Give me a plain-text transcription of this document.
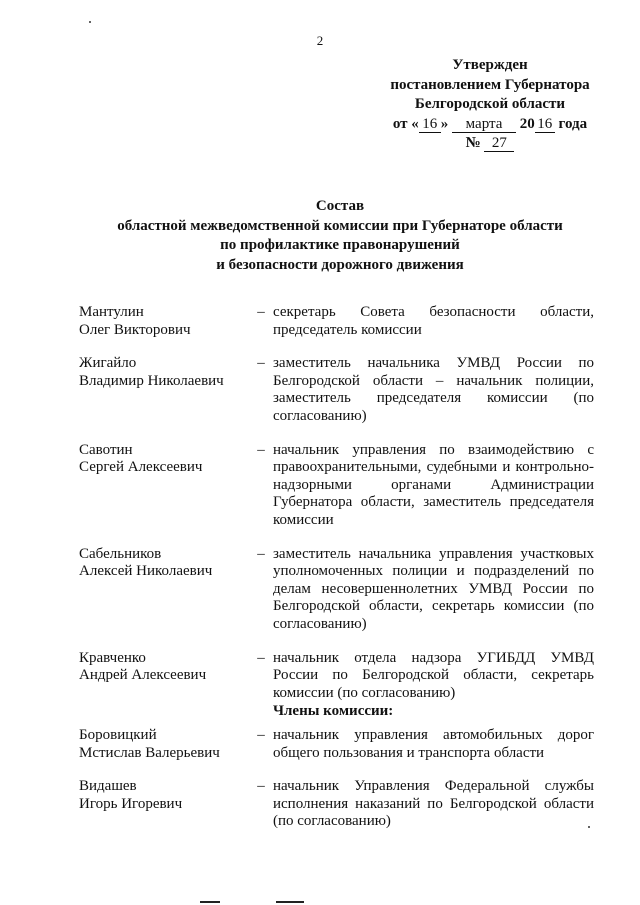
2
Утвержден
постановлением Губернатора
Белгородской области
от « 16 » марта 20 16 года
№ 27
Состав
областной межведомственной комиссии при Губернаторе области
по профилактике правонарушений
и безопасности дорожного движения
Мантулин
Олег Викторович
– секретарь Совета безопасности области, председатель комиссии
Жигайло
Владимир Николаевич
– заместитель начальника УМВД России по Белгородской области – начальник полиции, заместитель председателя комиссии (по согласованию)
Савотин
Сергей Алексеевич
– начальник управления по взаимодействию с правоохранительными, судебными и контрольно-надзорными органами Администрации Губернатора области, заместитель председателя комиссии
Сабельников
Алексей Николаевич
– заместитель начальника управления участковых уполномоченных полиции и подразделений по делам несовершеннолетних УМВД России по Белгородской области, секретарь комиссии (по согласованию)
Кравченко
Андрей Алексеевич
– начальник отдела надзора УГИБДД УМВД России по Белгородской области, секретарь комиссии (по согласованию)
Члены комиссии:
Боровицкий
Мстислав Валерьевич
– начальник управления автомобильных дорог общего пользования и транспорта области
Видашев
Игорь Игоревич
– начальник Управления Федеральной службы исполнения наказаний по Белгородской области (по согласованию)
